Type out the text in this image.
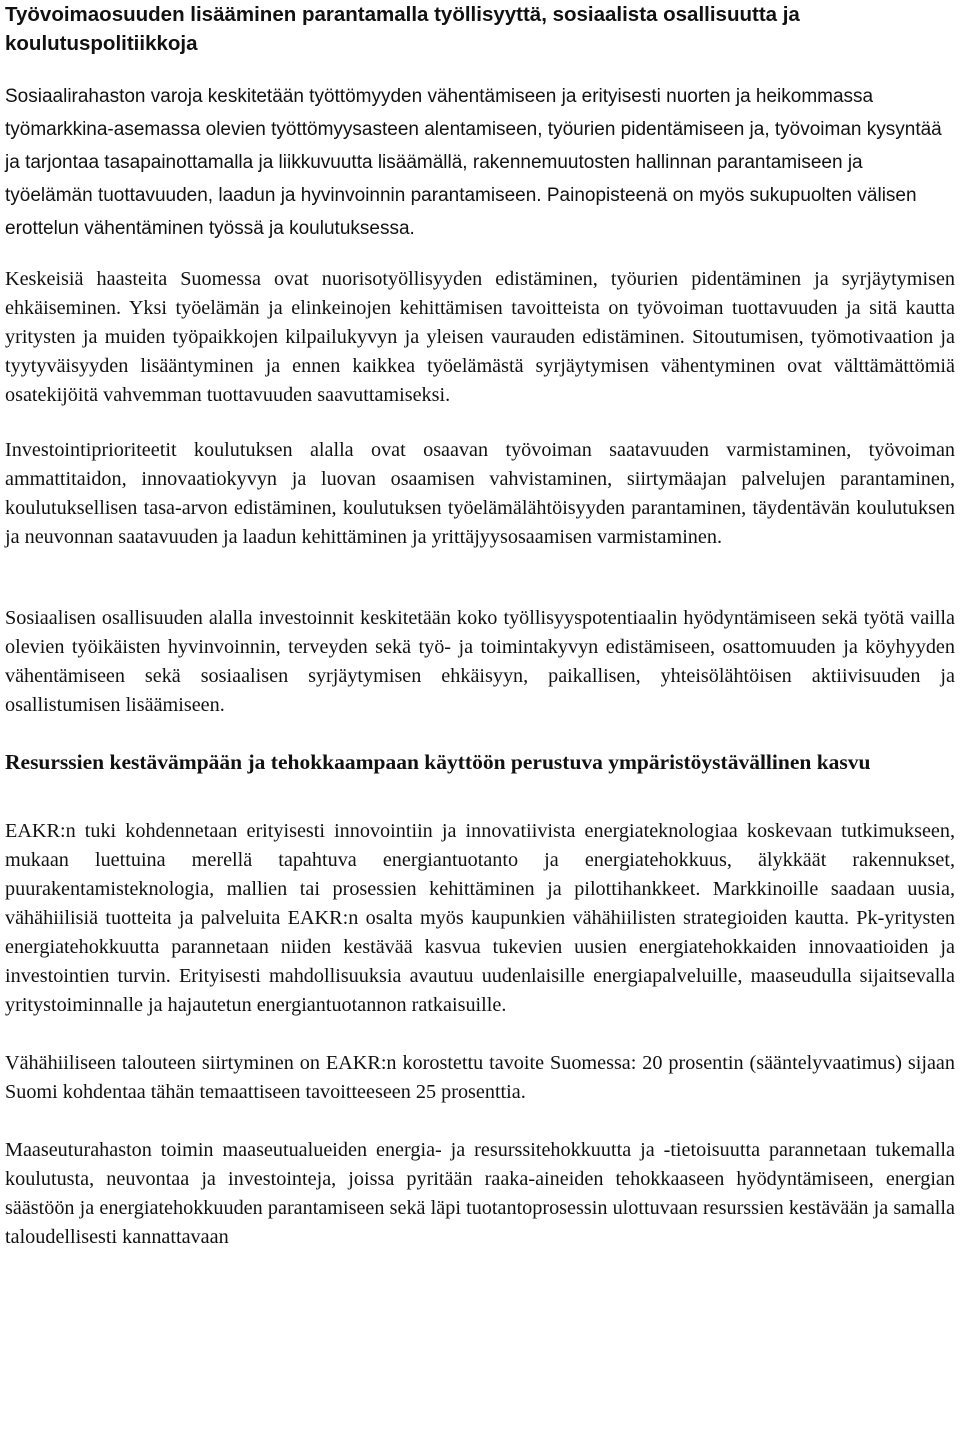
Työvoimaosuuden lisääminen parantamalla työllisyyttä, sosiaalista osallisuutta ja koulutuspolitiikkoja

Sosiaalirahaston varoja keskitetään työttömyyden vähentämiseen ja erityisesti nuorten ja heikommassa työmarkkina-asemassa olevien työttömyysasteen alentamiseen, työurien pidentämiseen ja, työvoiman kysyntää ja tarjontaa tasapainottamalla ja liikkuvuutta lisäämällä, rakennemuutosten hallinnan parantamiseen ja työelämän tuottavuuden, laadun ja hyvinvoinnin parantamiseen. Painopisteenä on myös sukupuolten välisen erottelun vähentäminen työssä ja koulutuksessa.

Keskeisiä haasteita Suomessa ovat nuorisotyöllisyyden edistäminen, työurien pidentäminen ja syrjäytymisen ehkäiseminen. Yksi työelämän ja elinkeinojen kehittämisen tavoitteista on työvoiman tuottavuuden ja sitä kautta yritysten ja muiden työpaikkojen kilpailukyvyn ja yleisen vaurauden edistäminen. Sitoutumisen, työmotivaation ja tyytyväisyyden lisääntyminen ja ennen kaikkea työelämästä syrjäytymisen vähentyminen ovat välttämättömiä osatekijöitä vahvemman tuottavuuden saavuttamiseksi.

Investointiprioriteetit koulutuksen alalla ovat osaavan työvoiman saatavuuden varmistaminen, työvoiman ammattitaidon, innovaatiokyvyn ja luovan osaamisen vahvistaminen, siirtymäajan palvelujen parantaminen, koulutuksellisen tasa-arvon edistäminen, koulutuksen työelämälähtöisyyden parantaminen, täydentävän koulutuksen ja neuvonnan saatavuuden ja laadun kehittäminen ja yrittäjyysosaamisen varmistaminen.

Sosiaalisen osallisuuden alalla investoinnit keskitetään koko työllisyyspotentiaalin hyödyntämiseen sekä työtä vailla olevien työikäisten hyvinvoinnin, terveyden sekä työ- ja toimintakyvyn edistämiseen, osattomuuden ja köyhyyden vähentämiseen sekä sosiaalisen syrjäytymisen ehkäisyyn, paikallisen, yhteisölähtöisen aktiivisuuden ja osallistumisen lisäämiseen.

Resurssien kestävämpään ja tehokkaampaan käyttöön perustuva ympäristöystävällinen kasvu

EAKR:n tuki kohdennetaan erityisesti innovointiin ja innovatiivista energiateknologiaa koskevaan tutkimukseen, mukaan luettuina merellä tapahtuva energiantuotanto ja energiatehokkuus, älykkäät rakennukset, puurakentamisteknologia, mallien tai prosessien kehittäminen ja pilottihankkeet. Markkinoille saadaan uusia, vähähiilisiä tuotteita ja palveluita EAKR:n osalta myös kaupunkien vähähiilisten strategioiden kautta. Pk-yritysten energiatehokkuutta parannetaan niiden kestävää kasvua tukevien uusien energiatehokkaiden innovaatioiden ja investointien turvin. Erityisesti mahdollisuuksia avautuu uudenlaisille energiapalveluille, maaseudulla sijaitsevalla yritystoiminnalle ja hajautetun energiantuotannon ratkaisuille.

Vähähiiliseen talouteen siirtyminen on EAKR:n korostettu tavoite Suomessa: 20 prosentin (sääntelyvaatimus) sijaan Suomi kohdentaa tähän temaattiseen tavoitteeseen 25 prosenttia.

Maaseuturahaston toimin maaseutualueiden energia- ja resurssitehokkuutta ja -tietoisuutta parannetaan tukemalla koulutusta, neuvontaa ja investointeja, joissa pyritään raaka-aineiden tehokkaaseen hyödyntämiseen, energian säästöön ja energiatehokkuuden parantamiseen sekä läpi tuotantoprosessin ulottuvaan resurssien kestävään ja samalla taloudellisesti kannattavaan
